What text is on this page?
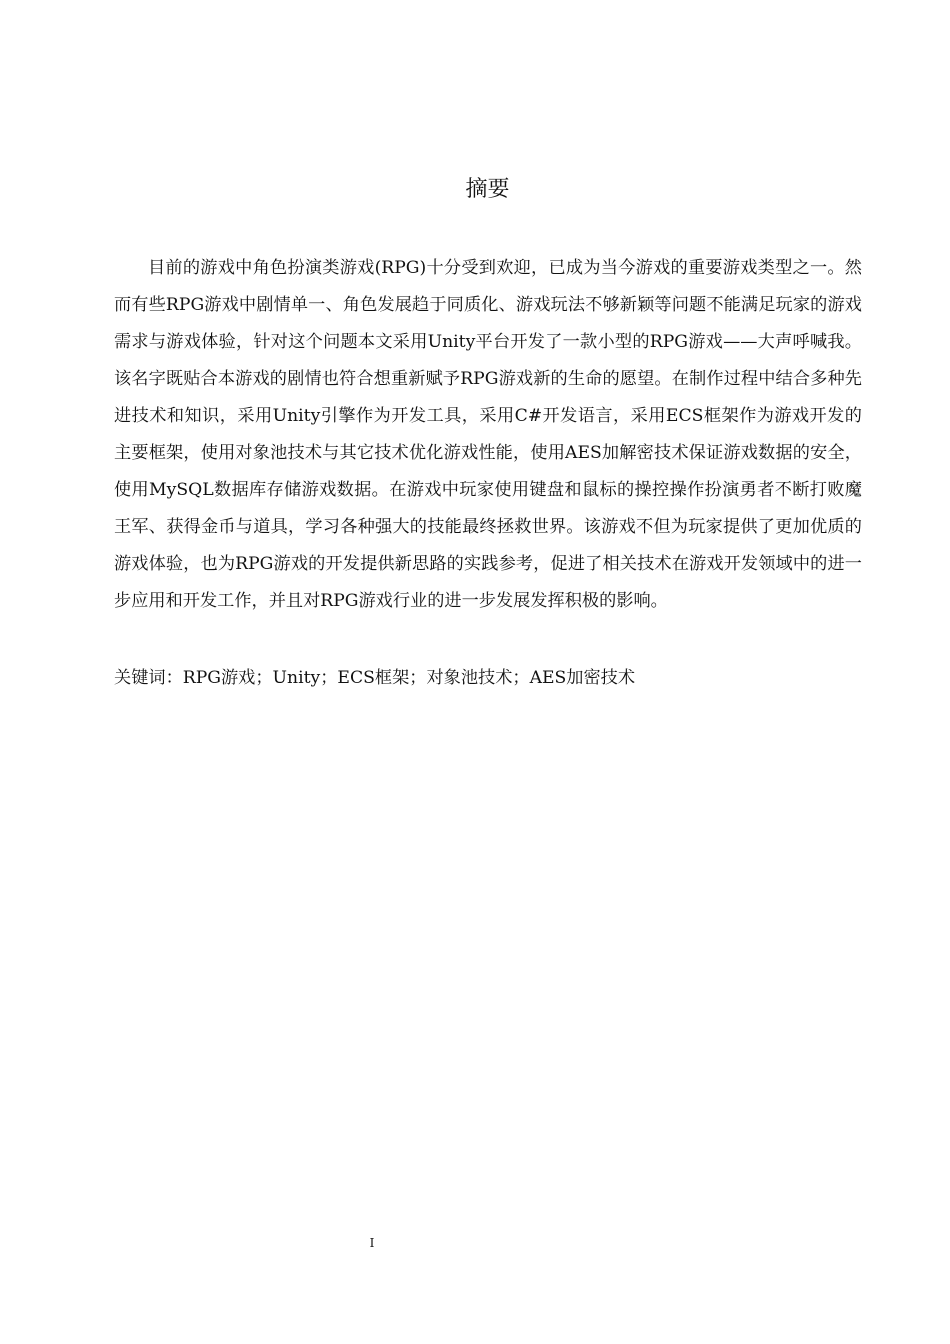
摘要

目前的游戏中角色扮演类游戏(RPG)十分受到欢迎，已成为当今游戏的重要游戏类型之一。然而有些RPG游戏中剧情单一、角色发展趋于同质化、游戏玩法不够新颖等问题不能满足玩家的游戏需求与游戏体验，针对这个问题本文采用Unity平台开发了一款小型的RPG游戏——大声呼喊我。该名字既贴合本游戏的剧情也符合想重新赋予RPG游戏新的生命的愿望。在制作过程中结合多种先进技术和知识，采用Unity引擎作为开发工具，采用C#开发语言，采用ECS框架作为游戏开发的主要框架，使用对象池技术与其它技术优化游戏性能，使用AES加解密技术保证游戏数据的安全，使用MySQL数据库存储游戏数据。在游戏中玩家使用键盘和鼠标的操控操作扮演勇者不断打败魔王军、获得金币与道具，学习各种强大的技能最终拯救世界。该游戏不但为玩家提供了更加优质的游戏体验，也为RPG游戏的开发提供新思路的实践参考，促进了相关技术在游戏开发领域中的进一步应用和开发工作，并且对RPG游戏行业的进一步发展发挥积极的影响。

关键词：RPG游戏；Unity；ECS框架；对象池技术；AES加密技术

I
